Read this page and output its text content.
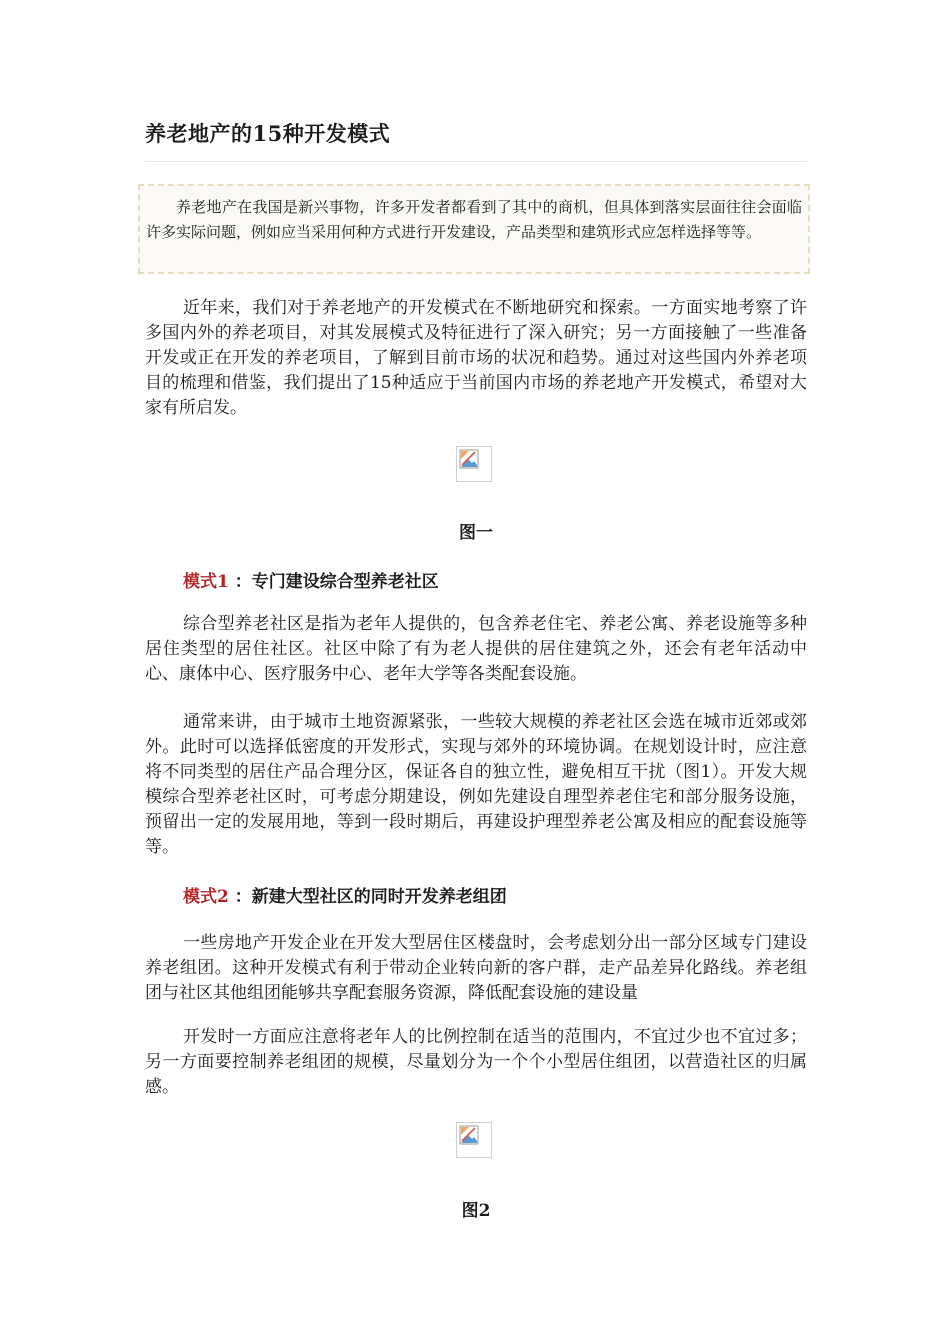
养老地产的15种开发模式
养老地产在我国是新兴事物，许多开发者都看到了其中的商机，但具体到落实层面往往会面临许多实际问题，例如应当采用何种方式进行开发建设，产品类型和建筑形式应怎样选择等等。

近年来，我们对于养老地产的开发模式在不断地研究和探索。一方面实地考察了许多国内外的养老项目，对其发展模式及特征进行了深入研究；另一方面接触了一些准备开发或正在开发的养老项目，了解到目前市场的状况和趋势。通过对这些国内外养老项目的梳理和借鉴，我们提出了15种适应于当前国内市场的养老地产开发模式，希望对大家有所启发。

图一
模式1 ：专门建设综合型养老社区

综合型养老社区是指为老年人提供的，包含养老住宅、养老公寓、养老设施等多种居住类型的居住社区。社区中除了有为老人提供的居住建筑之外，还会有老年活动中心、康体中心、医疗服务中心、老年大学等各类配套设施。

通常来讲，由于城市土地资源紧张，一些较大规模的养老社区会选在城市近郊或郊外。此时可以选择低密度的开发形式，实现与郊外的环境协调。在规划设计时，应注意将不同类型的居住产品合理分区，保证各自的独立性，避免相互干扰（图1）。开发大规模综合型养老社区时，可考虑分期建设，例如先建设自理型养老住宅和部分服务设施，预留出一定的发展用地，等到一段时期后，再建设护理型养老公寓及相应的配套设施等等。

模式2 ：新建大型社区的同时开发养老组团

一些房地产开发企业在开发大型居住区楼盘时，会考虑划分出一部分区域专门建设养老组团。这种开发模式有利于带动企业转向新的客户群，走产品差异化路线。养老组团与社区其他组团能够共享配套服务资源，降低配套设施的建设量

开发时一方面应注意将老年人的比例控制在适当的范围内，不宜过少也不宜过多；另一方面要控制养老组团的规模，尽量划分为一个个小型居住组团，以营造社区的归属感。

图2
